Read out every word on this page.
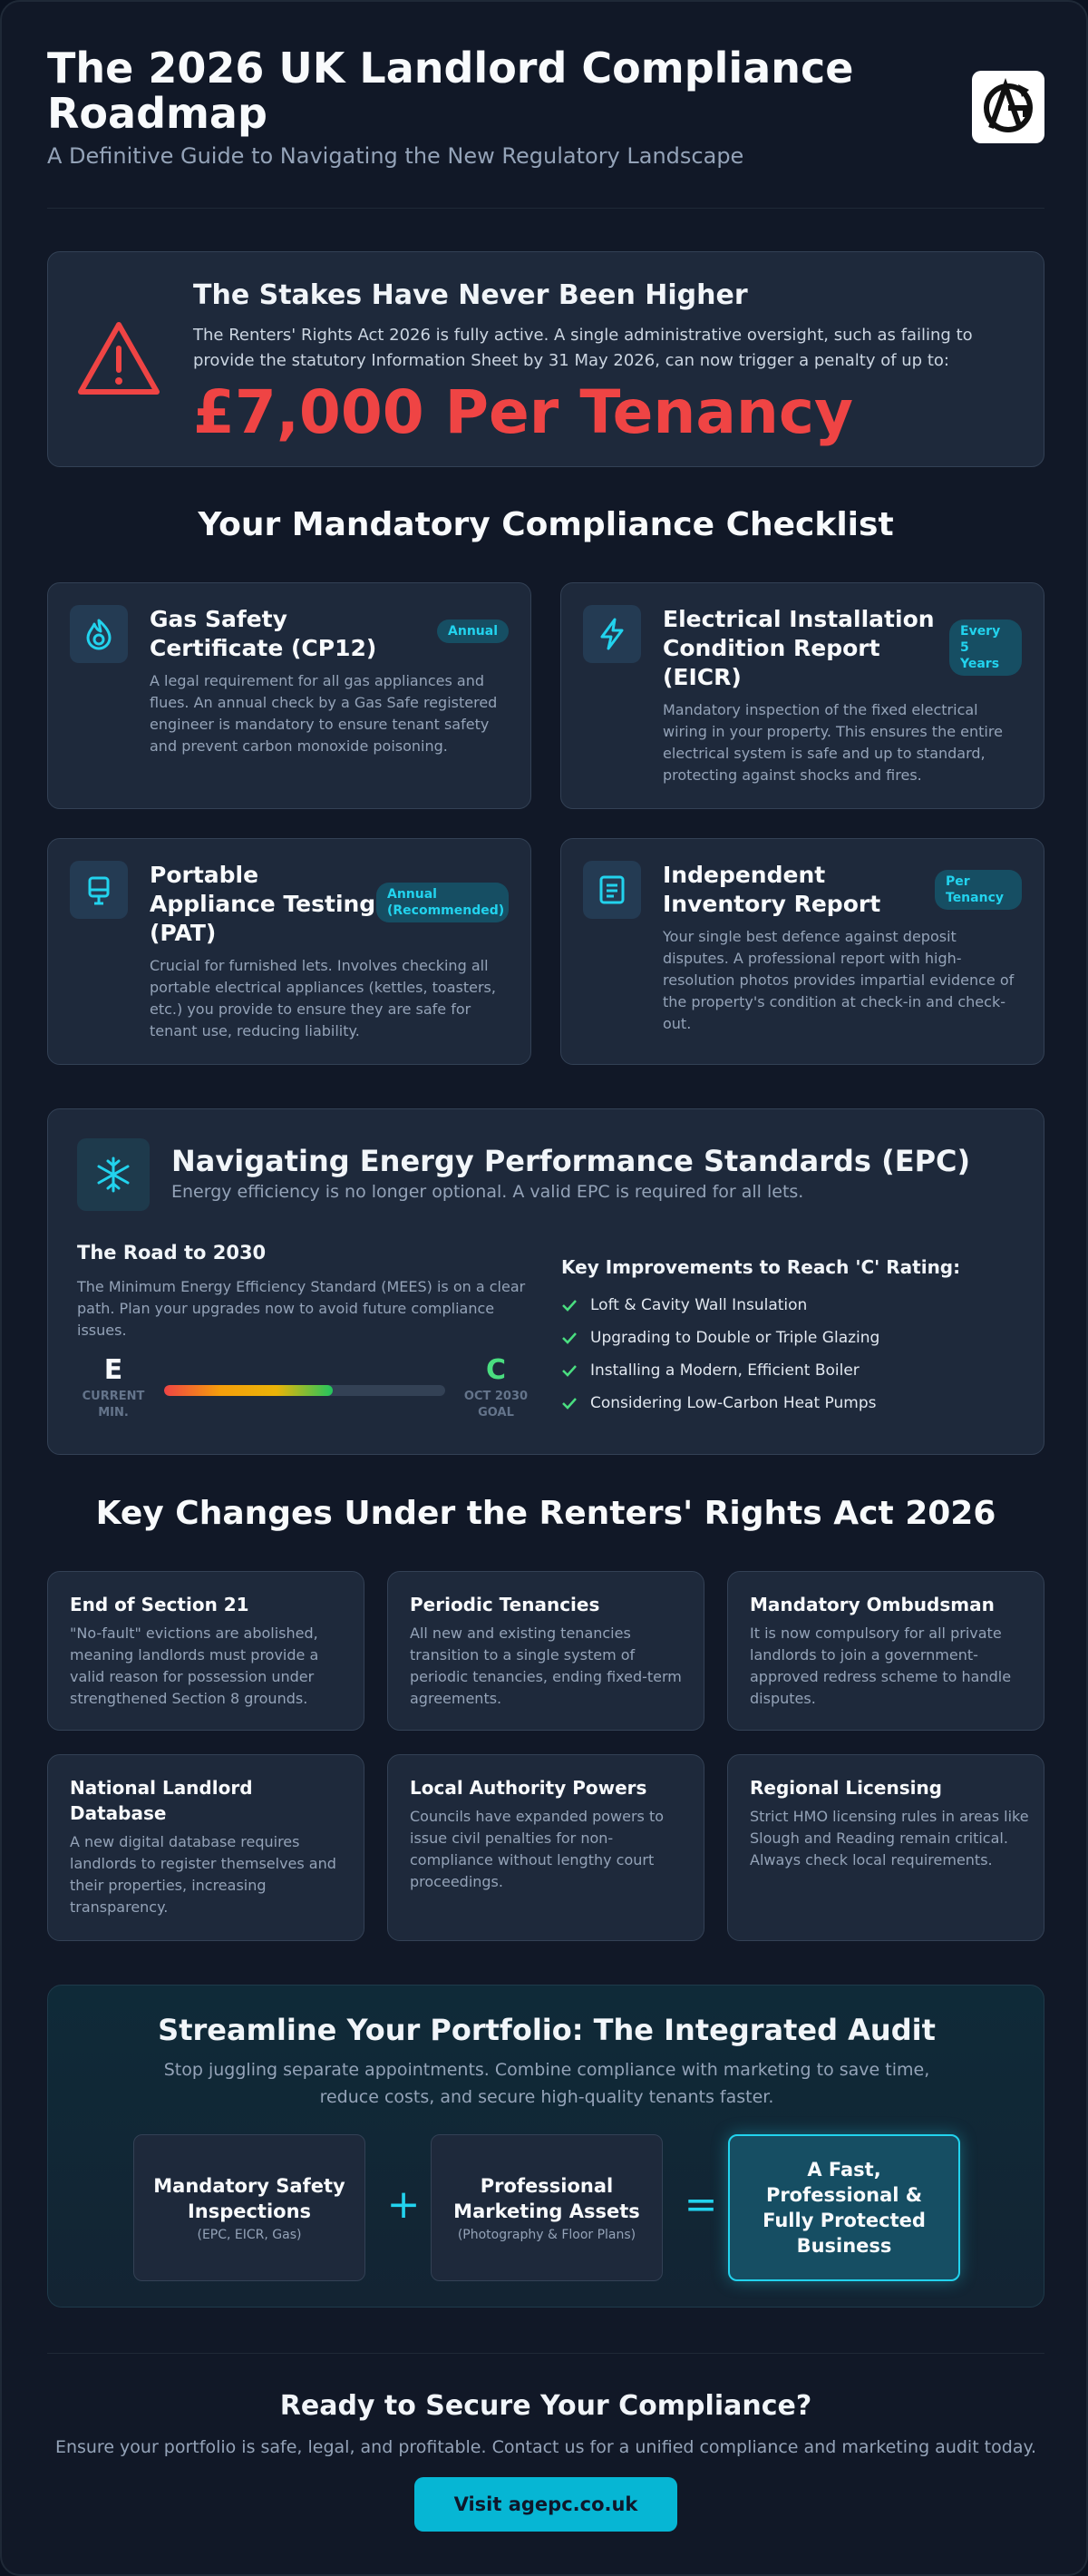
The 2026 UK Landlord Compliance Roadmap
A Definitive Guide to Navigating the New Regulatory Landscape
The Stakes Have Never Been Higher

The Renters' Rights Act 2026 is fully active. A single administrative oversight, such as failing to provide the statutory Information Sheet by 31 May 2026, can now trigger a penalty of up to:

£7,000 Per Tenancy
Your Mandatory Compliance Checklist
Gas Safety Certificate (CP12)
Annual
A legal requirement for all gas appliances and flues. An annual check by a Gas Safe registered engineer is mandatory to ensure tenant safety and prevent carbon monoxide poisoning.
Electrical Installation Condition Report (EICR)
Every 5 Years
Mandatory inspection of the fixed electrical wiring in your property. This ensures the entire electrical system is safe and up to standard, protecting against shocks and fires.
Portable Appliance Testing (PAT)
Annual (Recommended)
Crucial for furnished lets. Involves checking all portable electrical appliances (kettles, toasters, etc.) you provide to ensure they are safe for tenant use, reducing liability.
Independent Inventory Report
Per Tenancy
Your single best defence against deposit disputes. A professional report with high-resolution photos provides impartial evidence of the property's condition at check-in and check-out.
Navigating Energy Performance Standards (EPC)
Energy efficiency is no longer optional. A valid EPC is required for all lets.
The Road to 2030
The Minimum Energy Efficiency Standard (MEES) is on a clear path. Plan your upgrades now to avoid future compliance issues.
E
CURRENT MIN.
C
OCT 2030 GOAL
Key Improvements to Reach 'C' Rating:
Loft & Cavity Wall Insulation
Upgrading to Double or Triple Glazing
Installing a Modern, Efficient Boiler
Considering Low-Carbon Heat Pumps
Key Changes Under the Renters' Rights Act 2026
End of Section 21
"No-fault" evictions are abolished, meaning landlords must provide a valid reason for possession under strengthened Section 8 grounds.
Periodic Tenancies
All new and existing tenancies transition to a single system of periodic tenancies, ending fixed-term agreements.
Mandatory Ombudsman
It is now compulsory for all private landlords to join a government-approved redress scheme to handle disputes.
National Landlord Database
A new digital database requires landlords to register themselves and their properties, increasing transparency.
Local Authority Powers
Councils have expanded powers to issue civil penalties for non-compliance without lengthy court proceedings.
Regional Licensing
Strict HMO licensing rules in areas like Slough and Reading remain critical. Always check local requirements.
Streamline Your Portfolio: The Integrated Audit

Stop juggling separate appointments. Combine compliance with marketing to save time, reduce costs, and secure high-quality tenants faster.

Mandatory Safety Inspections
(EPC, EICR, Gas)
+	Professional Marketing Assets
(Photography & Floor Plans)
=
A Fast, Professional & Fully Protected Business
Ready to Secure Your Compliance?

Ensure your portfolio is safe, legal, and profitable. Contact us for a unified compliance and marketing audit today.

Visit agepc.co.uk
